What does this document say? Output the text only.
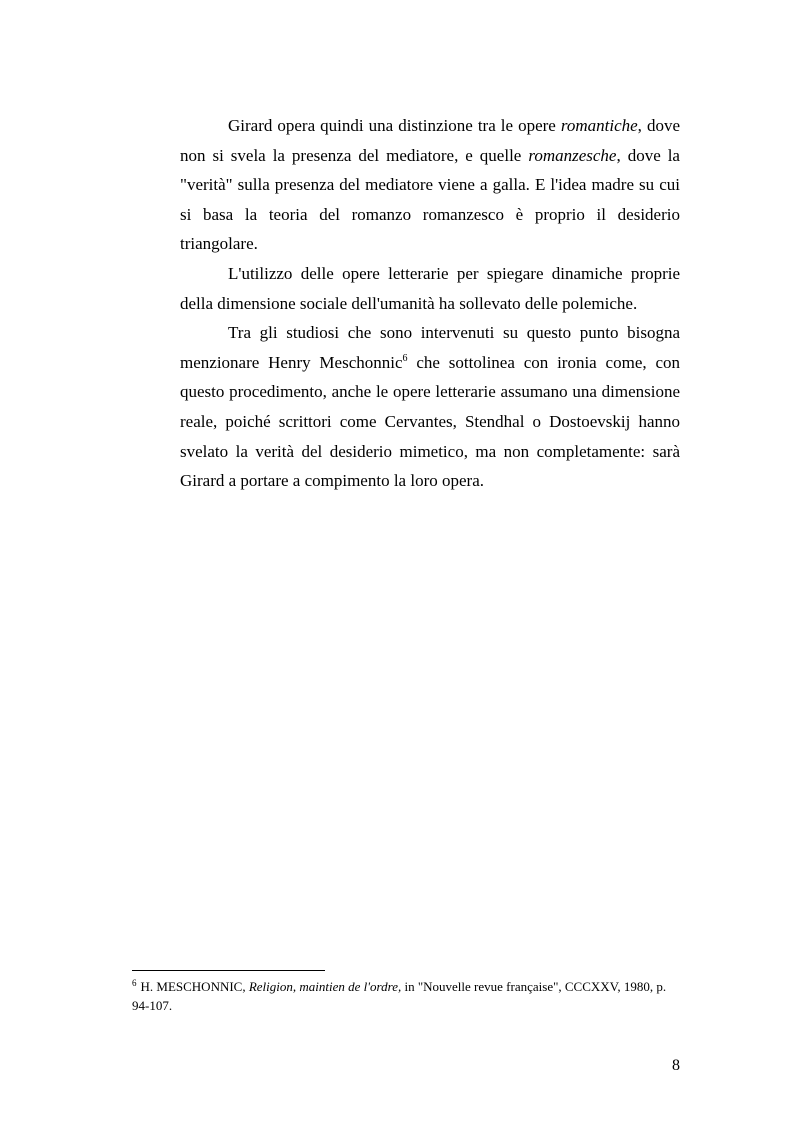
Girard opera quindi una distinzione tra le opere romantiche, dove non si svela la presenza del mediatore, e quelle romanzesche, dove la "verità" sulla presenza del mediatore viene a galla. E l'idea madre su cui si basa la teoria del romanzo romanzesco è proprio il desiderio triangolare.

L'utilizzo delle opere letterarie per spiegare dinamiche proprie della dimensione sociale dell'umanità ha sollevato delle polemiche.

Tra gli studiosi che sono intervenuti su questo punto bisogna menzionare Henry Meschonnic$^6$ che sottolinea con ironia come, con questo procedimento, anche le opere letterarie assumano una dimensione reale, poiché scrittori come Cervantes, Stendhal o Dostoevskij hanno svelato la verità del desiderio mimetico, ma non completamente: sarà Girard a portare a compimento la loro opera.

$^6$ H. MESCHONNIC, Religion, maintien de l'ordre, in "Nouvelle revue française", CCCXXV, 1980, p. 94-107.
8
